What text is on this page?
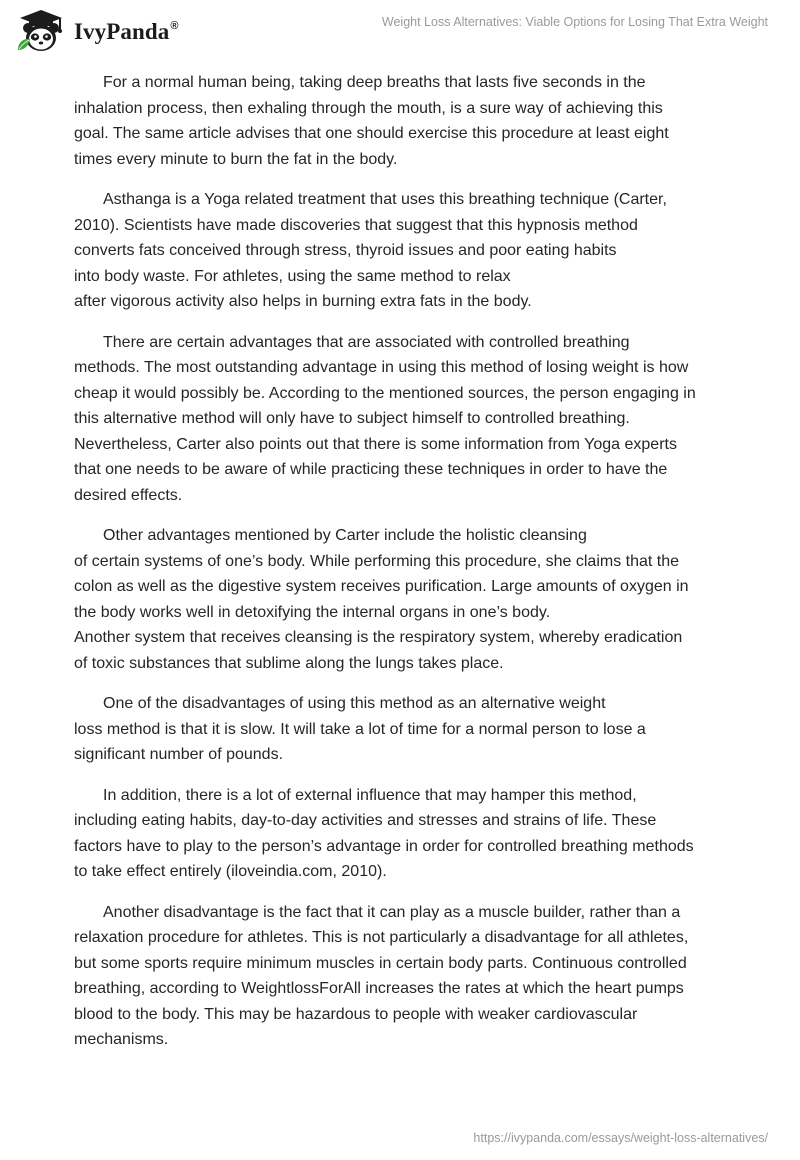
IvyPanda®	Weight Loss Alternatives: Viable Options for Losing That Extra Weight

For a normal human being, taking deep breaths that lasts five seconds in the
inhalation process, then exhaling through the mouth, is a sure way of achieving this
goal. The same article advises that one should exercise this procedure at least eight
times every minute to burn the fat in the body.

Asthanga is a Yoga related treatment that uses this breathing technique (Carter,
2010). Scientists have made discoveries that suggest that this hypnosis method
converts fats conceived through stress, thyroid issues and poor eating habits
into body waste. For athletes, using the same method to relax
after vigorous activity also helps in burning extra fats in the body.

There are certain advantages that are associated with controlled breathing
methods. The most outstanding advantage in using this method of losing weight is how
cheap it would possibly be. According to the mentioned sources, the person engaging in
this alternative method will only have to subject himself to controlled breathing.
Nevertheless, Carter also points out that there is some information from Yoga experts
that one needs to be aware of while practicing these techniques in order to have the
desired effects.

Other advantages mentioned by Carter include the holistic cleansing
of certain systems of one’s body. While performing this procedure, she claims that the
colon as well as the digestive system receives purification. Large amounts of oxygen in
the body works well in detoxifying the internal organs in one’s body.
Another system that receives cleansing is the respiratory system, whereby eradication
of toxic substances that sublime along the lungs takes place.

One of the disadvantages of using this method as an alternative weight
loss method is that it is slow. It will take a lot of time for a normal person to lose a
significant number of pounds.

In addition, there is a lot of external influence that may hamper this method,
including eating habits, day-to-day activities and stresses and strains of life. These
factors have to play to the person’s advantage in order for controlled breathing methods
to take effect entirely (iloveindia.com, 2010).

Another disadvantage is the fact that it can play as a muscle builder, rather than a
relaxation procedure for athletes. This is not particularly a disadvantage for all athletes,
but some sports require minimum muscles in certain body parts. Continuous controlled
breathing, according to WeightlossForAll increases the rates at which the heart pumps
blood to the body. This may be hazardous to people with weaker cardiovascular
mechanisms.

https://ivypanda.com/essays/weight-loss-alternatives/
